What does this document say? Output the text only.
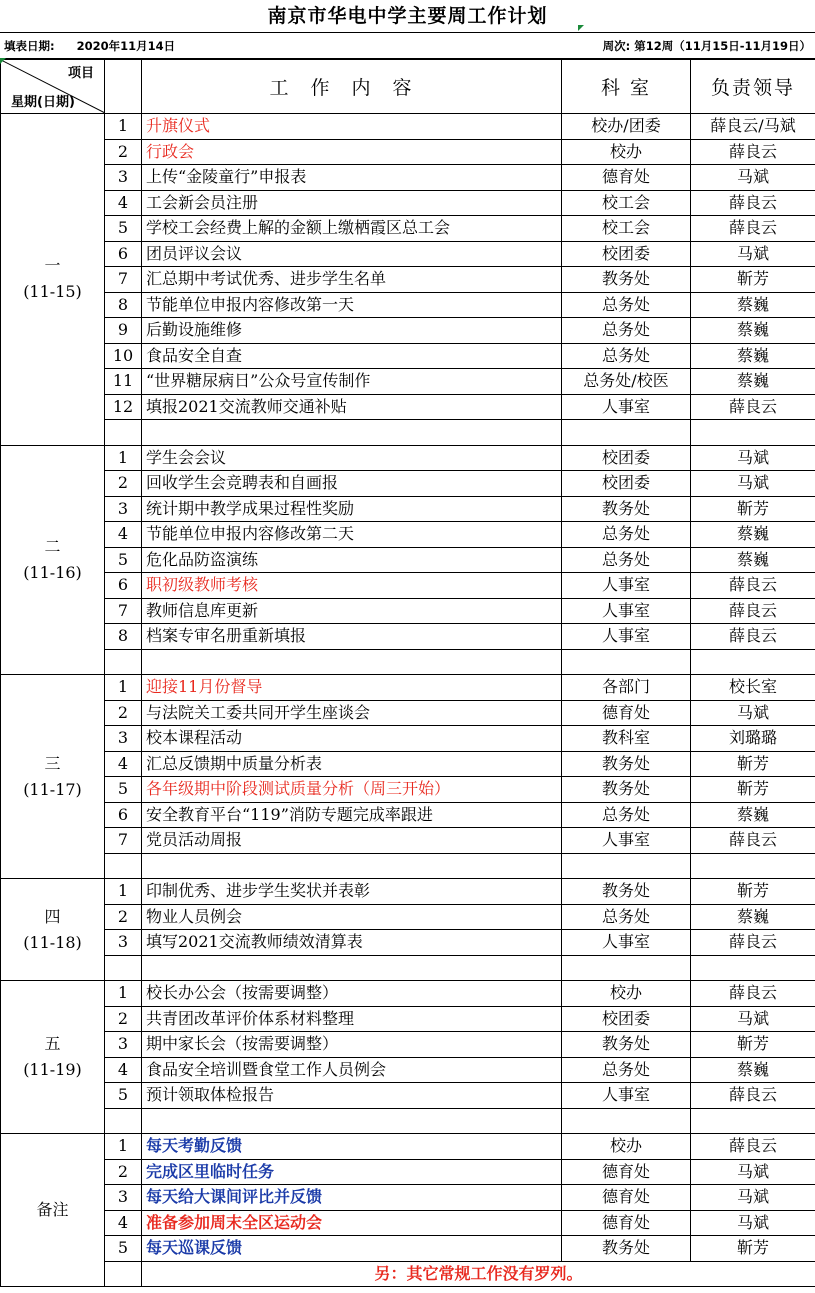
南京市华电中学主要周工作计划
填表日期: 2020年11月14日	周次: 第12周（11月15日-11月19日）
项目
星期(日期)		工作内容	科 室	负责领导

一
(11-15)	1	升旗仪式	校办/团委	薛良云/马斌
	2	行政会	校办	薛良云
	3	上传“金陵童行”申报表	德育处	马斌
	4	工会新会员注册	校工会	薛良云
	5	学校工会经费上解的金额上缴栖霞区总工会	校工会	薛良云
	6	团员评议会议	校团委	马斌
	7	汇总期中考试优秀、进步学生名单	教务处	靳芳
	8	节能单位申报内容修改第一天	总务处	蔡巍
	9	后勤设施维修	总务处	蔡巍
	10	食品安全自查	总务处	蔡巍
	11	“世界糖尿病日”公众号宣传制作	总务处/校医	蔡巍
	12	填报2021交流教师交通补贴	人事室	薛良云

二
(11-16)	1	学生会会议	校团委	马斌
	2	回收学生会竞聘表和自画报	校团委	马斌
	3	统计期中教学成果过程性奖励	教务处	靳芳
	4	节能单位申报内容修改第二天	总务处	蔡巍
	5	危化品防盗演练	总务处	蔡巍
	6	职初级教师考核	人事室	薛良云
	7	教师信息库更新	人事室	薛良云
	8	档案专审名册重新填报	人事室	薛良云

三
(11-17)	1	迎接11月份督导	各部门	校长室
	2	与法院关工委共同开学生座谈会	德育处	马斌
	3	校本课程活动	教科室	刘璐璐
	4	汇总反馈期中质量分析表	教务处	靳芳
	5	各年级期中阶段测试质量分析（周三开始）	教务处	靳芳
	6	安全教育平台“119”消防专题完成率跟进	总务处	蔡巍
	7	党员活动周报	人事室	薛良云

四
(11-18)	1	印制优秀、进步学生奖状并表彰	教务处	靳芳
	2	物业人员例会	总务处	蔡巍
	3	填写2021交流教师绩效清算表	人事室	薛良云

五
(11-19)	1	校长办公会（按需要调整）	校办	薛良云
	2	共青团改革评价体系材料整理	校团委	马斌
	3	期中家长会（按需要调整）	教务处	靳芳
	4	食品安全培训暨食堂工作人员例会	总务处	蔡巍
	5	预计领取体检报告	人事室	薛良云

备注	1	每天考勤反馈	校办	薛良云
	2	完成区里临时任务	德育处	马斌
	3	每天给大课间评比并反馈	德育处	马斌
	4	准备参加周末全区运动会	德育处	马斌
	5	每天巡课反馈	教务处	靳芳
		另：其它常规工作没有罗列。		
